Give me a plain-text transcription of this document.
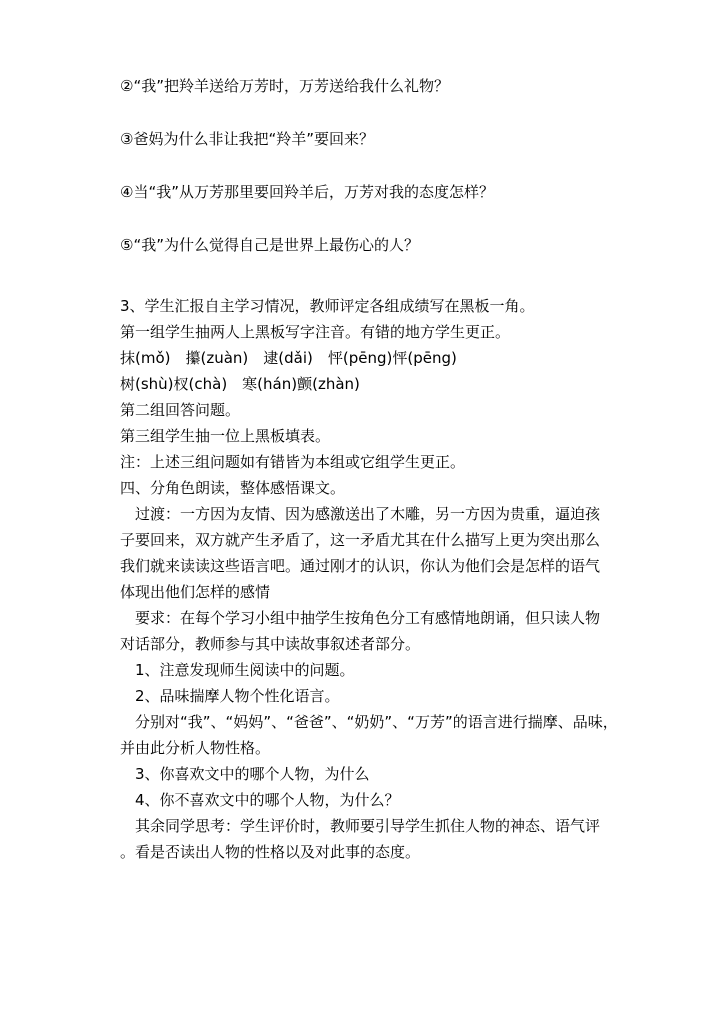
②“我”把羚羊送给万芳时，万芳送给我什么礼物？

③爸妈为什么非让我把“羚羊”要回来？

④当“我”从万芳那里要回羚羊后，万芳对我的态度怎样？

⑤“我”为什么觉得自己是世界上最伤心的人？

3、学生汇报自主学习情况，教师评定各组成绩写在黑板一角。
第一组学生抽两人上黑板写字注音。有错的地方学生更正。
抹(mǒ)　攥(zuàn)　逮(dǎi)　怦(pēng)怦(pēng)
树(shù)杈(chà)　寒(hán)颤(zhàn)
第二组回答问题。
第三组学生抽一位上黑板填表。
注：上述三组问题如有错皆为本组或它组学生更正。
四、分角色朗读，整体感悟课文。
　过渡：一方因为友情、因为感激送出了木雕，另一方因为贵重，逼迫孩
子要回来，双方就产生矛盾了，这一矛盾尤其在什么描写上更为突出那么
我们就来读读这些语言吧。通过刚才的认识，你认为他们会是怎样的语气
体现出他们怎样的感情
　要求：在每个学习小组中抽学生按角色分工有感情地朗诵，但只读人物
对话部分，教师参与其中读故事叙述者部分。
　1、注意发现师生阅读中的问题。
　2、品味揣摩人物个性化语言。
　分别对“我”、“妈妈”、“爸爸”、“奶奶”、“万芳”的语言进行揣摩、品味，
并由此分析人物性格。
　3、你喜欢文中的哪个人物，为什么
　4、你不喜欢文中的哪个人物，为什么？
　其余同学思考：学生评价时，教师要引导学生抓住人物的神态、语气评
。看是否读出人物的性格以及对此事的态度。
